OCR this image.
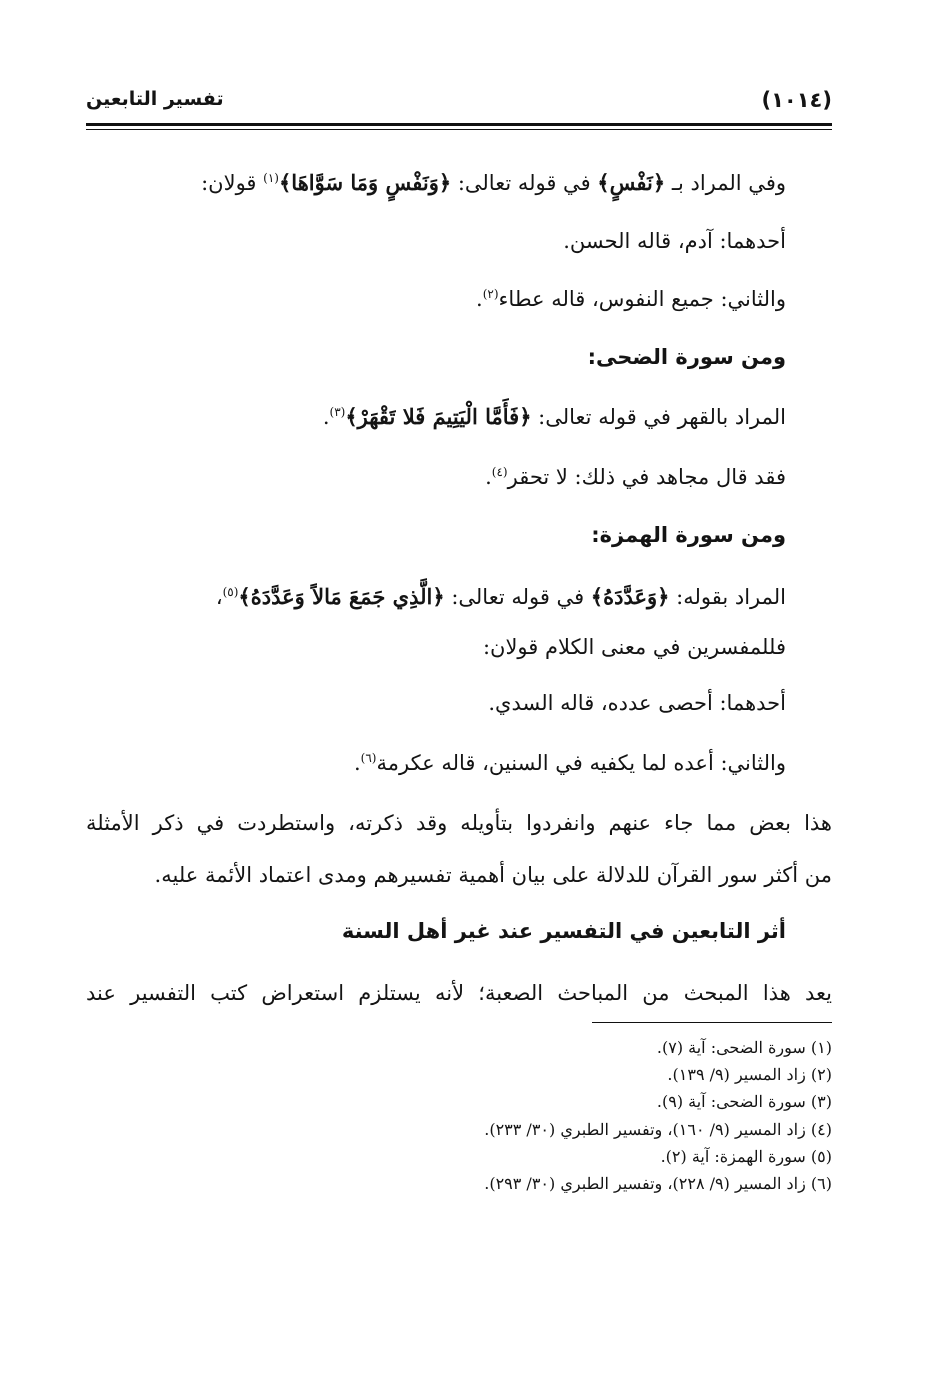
(١٠١٤)
تفسير التابعين
وفي المراد بـ ﴿نَفْسٍ﴾ في قوله تعالى: ﴿وَنَفْسٍ وَمَا سَوَّاهَا﴾$^{(١)}$ قولان:
أحدهما: آدم، قاله الحسن.
والثاني: جميع النفوس، قاله عطاء$^{(٢)}$.
ومن سورة الضحى:
المراد بالقهر في قوله تعالى: ﴿فَأَمَّا الْيَتِيمَ فَلا تَقْهَرْ﴾$^{(٣)}$.
فقد قال مجاهد في ذلك: لا تحقر$^{(٤)}$.
ومن سورة الهمزة:
المراد بقوله: ﴿وَعَدَّدَهُ﴾ في قوله تعالى: ﴿الَّذِي جَمَعَ مَالاً وَعَدَّدَهُ﴾$^{(٥)}$،
فللمفسرين في معنى الكلام قولان:
أحدهما: أحصى عدده، قاله السدي.
والثاني: أعده لما يكفيه في السنين، قاله عكرمة$^{(٦)}$.
هذا بعض مما جاء عنهم وانفردوا بتأويله وقد ذكرته، واستطردت في ذكر الأمثلة
من أكثر سور القرآن للدلالة على بيان أهمية تفسيرهم ومدى اعتماد الأئمة عليه.
أثر التابعين في التفسير عند غير أهل السنة
يعد هذا المبحث من المباحث الصعبة؛ لأنه يستلزم استعراض كتب التفسير عند
(١) سورة الضحى: آية (٧).
(٢) زاد المسير (٩/ ١٣٩).
(٣) سورة الضحى: آية (٩).
(٤) زاد المسير (٩/ ١٦٠)، وتفسير الطبري (٣٠/ ٢٣٣).
(٥) سورة الهمزة: آية (٢).
(٦) زاد المسير (٩/ ٢٢٨)، وتفسير الطبري (٣٠/ ٢٩٣).
